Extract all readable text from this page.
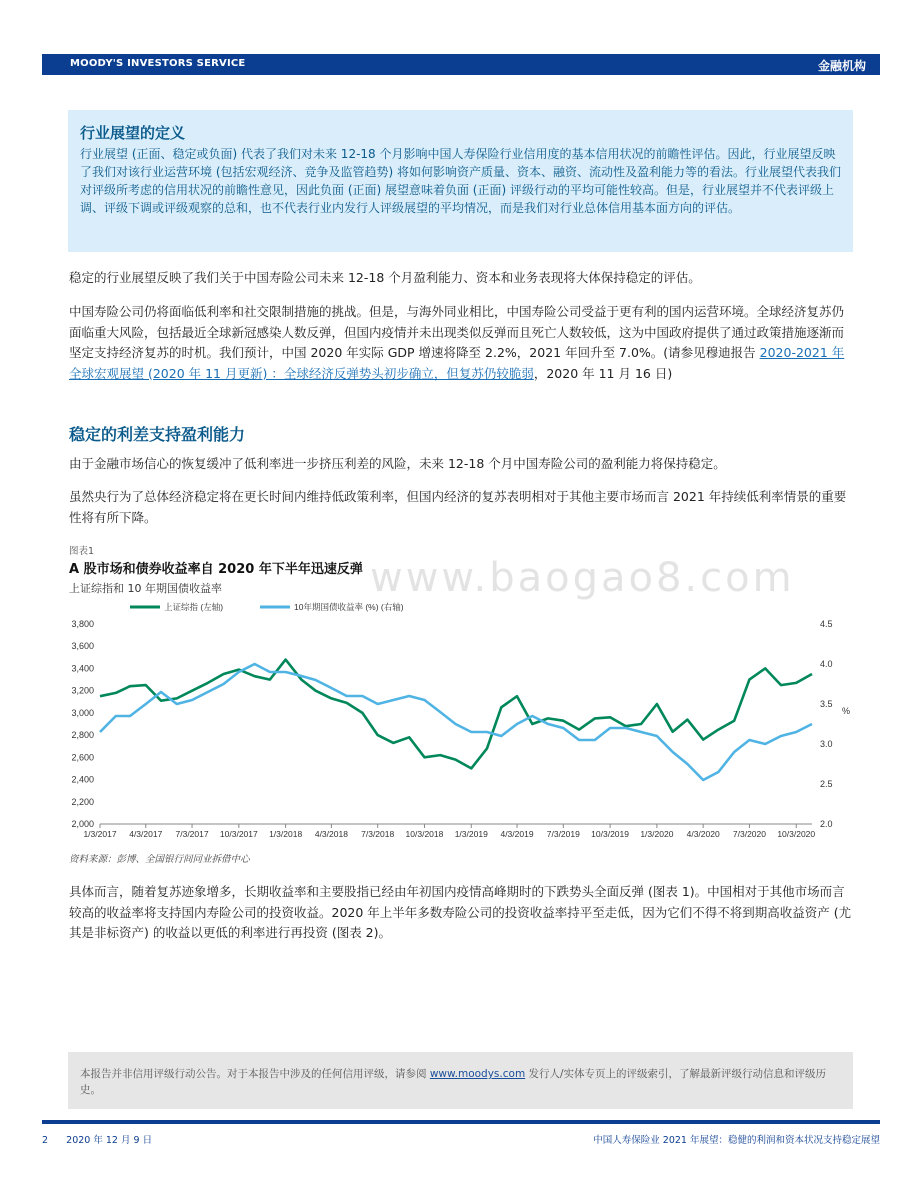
MOODY'S INVESTORS SERVICE	金融机构
行业展望的定义
行业展望 (正面、稳定或负面) 代表了我们对未来 12-18 个月影响中国人寿保险行业信用度的基本信用状况的前瞻性评估。因此，行业展望反映了我们对该行业运营环境 (包括宏观经济、竞争及监管趋势) 将如何影响资产质量、资本、融资、流动性及盈利能力等的看法。行业展望代表我们对评级所考虑的信用状况的前瞻性意见，因此负面 (正面) 展望意味着负面 (正面) 评级行动的平均可能性较高。但是，行业展望并不代表评级上调、评级下调或评级观察的总和，也不代表行业内发行人评级展望的平均情况，而是我们对行业总体信用基本面方向的评估。
稳定的行业展望反映了我们关于中国寿险公司未来 12-18 个月盈利能力、资本和业务表现将大体保持稳定的评估。
中国寿险公司仍将面临低利率和社交限制措施的挑战。但是，与海外同业相比，中国寿险公司受益于更有利的国内运营环境。全球经济复苏仍面临重大风险，包括最近全球新冠感染人数反弹，但国内疫情并未出现类似反弹而且死亡人数较低，这为中国政府提供了通过政策措施逐渐而坚定支持经济复苏的时机。我们预计，中国 2020 年实际 GDP 增速将降至 2.2%，2021 年回升至 7.0%。(请参见穆迪报告 2020-2021 年全球宏观展望 (2020 年 11 月更新) ：全球经济反弹势头初步确立，但复苏仍较脆弱，2020 年 11 月 16 日)
稳定的利差支持盈利能力
由于金融市场信心的恢复缓冲了低利率进一步挤压利差的风险，未来 12-18 个月中国寿险公司的盈利能力将保持稳定。
虽然央行为了总体经济稳定将在更长时间内维持低政策利率，但国内经济的复苏表明相对于其他主要市场而言 2021 年持续低利率情景的重要性将有所下降。
图表1
A 股市场和债券收益率自 2020 年下半年迅速反弹
上证综指和 10 年期国债收益率	www.baogao8.com
2,000
2,200
2,400
2,600
2,800
3,000
3,200
3,400
3,600
3,800
2.0
2.5
3.0
3.5
4.0
4.5
%
1/3/2017 4/3/2017 7/3/2017 10/3/2017 1/3/2018 4/3/2018 7/3/2018 10/3/2018 1/3/2019 4/3/2019 7/3/2019 10/3/2019 1/3/2020 4/3/2020 7/3/2020 10/3/2020
上证综指 (左轴)	10年期国债收益率 (%) (右轴)
资料来源：彭博、全国银行间同业拆借中心
具体而言，随着复苏迹象增多，长期收益率和主要股指已经由年初国内疫情高峰期时的下跌势头全面反弹 (图表 1)。中国相对于其他市场而言较高的收益率将支持国内寿险公司的投资收益。2020 年上半年多数寿险公司的投资收益率持平至走低，因为它们不得不将到期高收益资产 (尤其是非标资产) 的收益以更低的利率进行再投资 (图表 2)。
本报告并非信用评级行动公告。对于本报告中涉及的任何信用评级，请参阅 www.moodys.com 发行人/实体专页上的评级索引，了解最新评级行动信息和评级历史。
2 2020 年 12 月 9 日	中国人寿保险业 2021 年展望：稳健的利润和资本状况支持稳定展望
